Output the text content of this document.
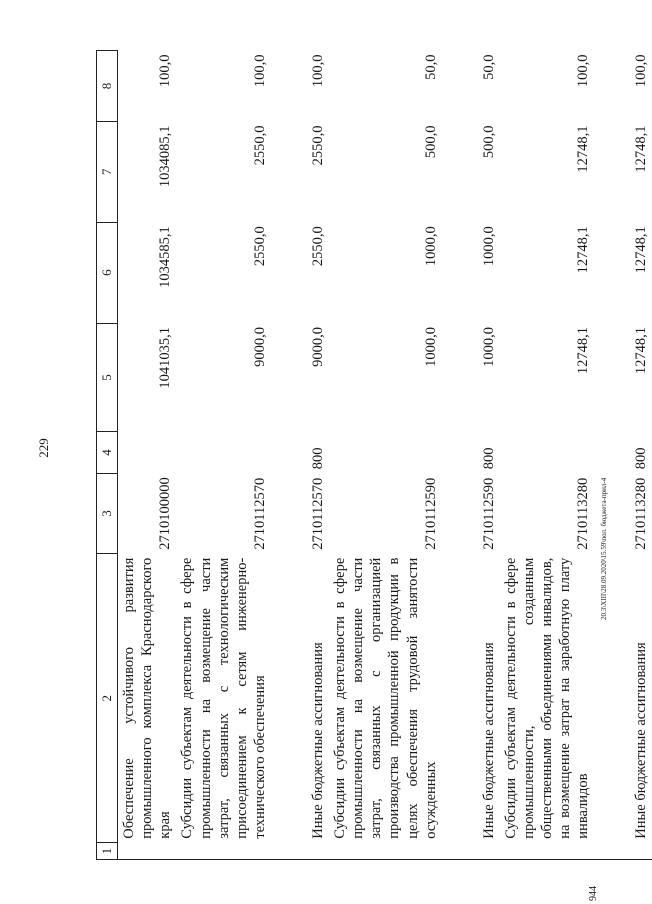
229
944
20.3\XIII\28.09.2020\15.59\пол. бюджета-прил-4
1	2	3	4	5	6	7	8
	Обеспечение устойчивого развития промышленного комплекса Краснодарского края	2710100000		1041035,1	1034585,1	1034085,1	100,0
	Субсидии субъектам деятельности в сфере промышленности на возмещение части затрат, связанных с технологическим присоединением к сетям инженерно-технического обеспечения	2710112570		9000,0	2550,0	2550,0	100,0
	Иные бюджетные ассигнования	2710112570	800	9000,0	2550,0	2550,0	100,0
	Субсидии субъектам деятельности в сфере промышленности на возмещение части затрат, связанных с организацией производства промышленной продукции в целях обеспечения трудовой занятости осужденных	2710112590		1000,0	1000,0	500,0	50,0
	Иные бюджетные ассигнования	2710112590	800	1000,0	1000,0	500,0	50,0
	Субсидии субъектам деятельности в сфере промышленности, созданным общественными объединениями инвалидов, на возмещение затрат на заработную плату инвалидов	2710113280		12748,1	12748,1	12748,1	100,0
	Иные бюджетные ассигнования	2710113280	800	12748,1	12748,1	12748,1	100,0
